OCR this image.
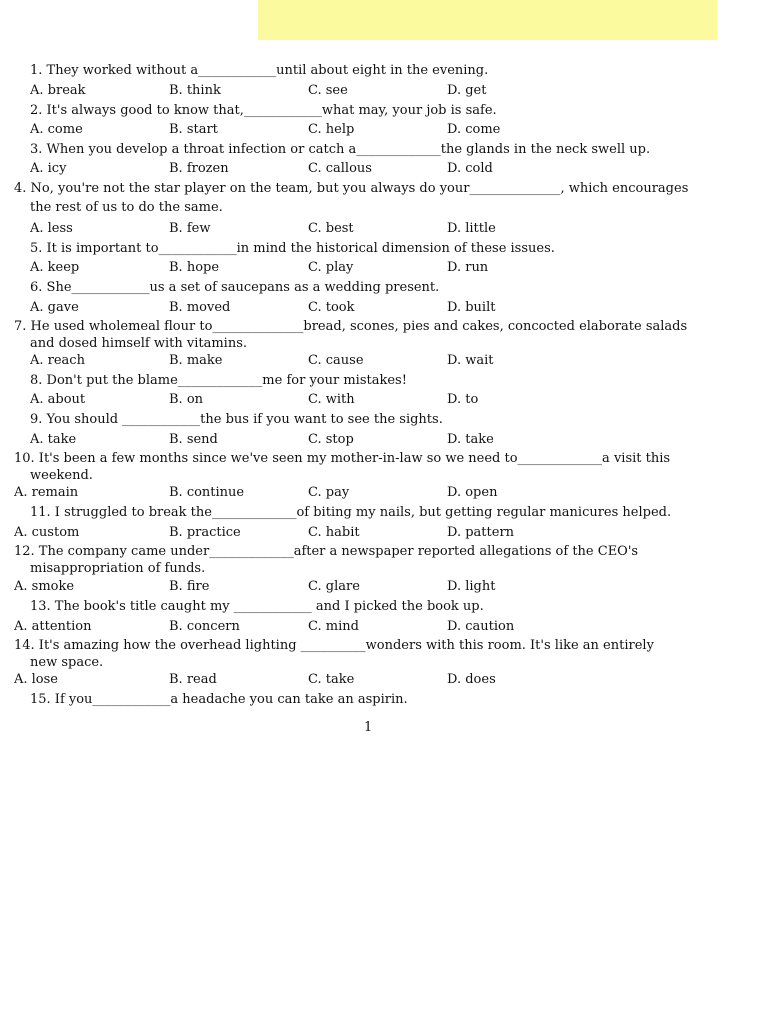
1. They worked without a____________until about eight in the evening.
A. break	B. think	C. see	D. get
2. It's always good to know that,____________what may, your job is safe.
A. come	B. start	C. help	D. come
3. When you develop a throat infection or catch a_____________the glands in the neck swell up.
A. icy	B. frozen	C. callous	D. cold
4. No, you're not the star player on the team, but you always do your______________, which encourages
the rest of us to do the same.
A. less	B. few	C. best	D. little
5. It is important to____________in mind the historical dimension of these issues.
A. keep	B. hope	C. play	D. run
6. She____________us a set of saucepans as a wedding present.
A. gave	B. moved	C. took	D. built
7. He used wholemeal flour to______________bread, scones, pies and cakes, concocted elaborate salads
and dosed himself with vitamins.
A. reach	B. make	C. cause	D. wait
8. Don't put the blame_____________me for your mistakes!
A. about	B. on	C. with	D. to
9. You should ____________the bus if you want to see the sights.
A. take	B. send	C. stop	D. take
10. It's been a few months since we've seen my mother-in-law so we need to_____________a visit this
weekend.
A. remain	B. continue	C. pay	D. open
11. I struggled to break the_____________of biting my nails, but getting regular manicures helped.
A. custom	B. practice	C. habit	D. pattern
12. The company came under_____________after a newspaper reported allegations of the CEO's
misappropriation of funds.
A. smoke	B. fire	C. glare	D. light
13. The book's title caught my ____________ and I picked the book up.
A. attention	B. concern	C. mind	D. caution
14. It's amazing how the overhead lighting __________wonders with this room. It's like an entirely
new space.
A. lose	B. read	C. take	D. does
15. If you____________a headache you can take an aspirin.
1
